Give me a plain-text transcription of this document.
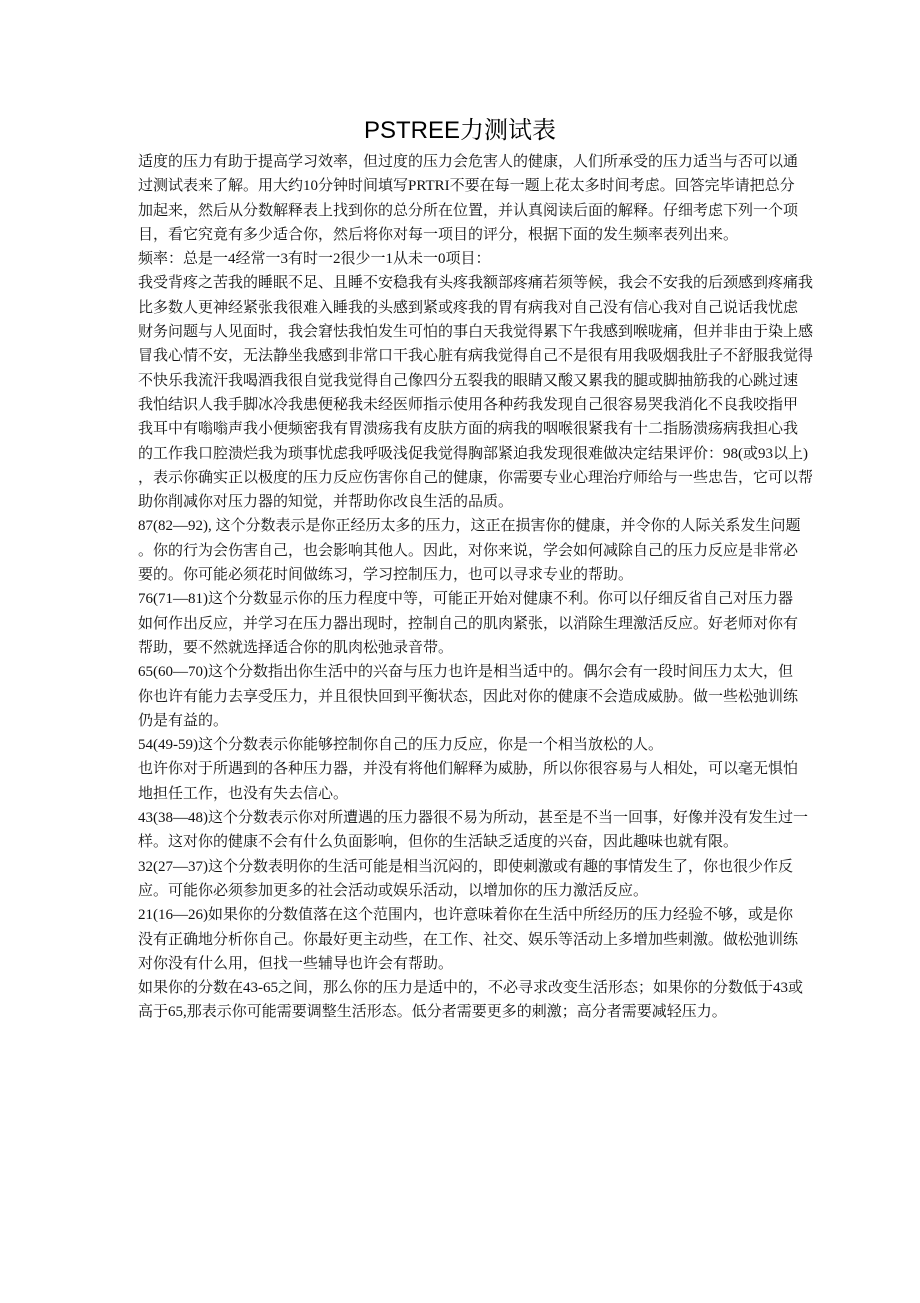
PSTREE力测试表
适度的压力有助于提高学习效率，但过度的压力会危害人的健康，人们所承受的压力适当与否可以通
过测试表来了解。用大约10分钟时间填写PRTRI不要在每一题上花太多时间考虑。回答完毕请把总分
加起来，然后从分数解释表上找到你的总分所在位置，并认真阅读后面的解释。仔细考虑下列一个项
目，看它究竟有多少适合你，然后将你对每一项目的评分，根据下面的发生频率表列出来。
频率：总是一4经常一3有时一2很少一1从未一0项目：
我受背疼之苦我的睡眠不足、且睡不安稳我有头疼我额部疼痛若须等候，我会不安我的后颈感到疼痛我
比多数人更神经紧张我很难入睡我的头感到紧或疼我的胃有病我对自己没有信心我对自己说话我忧虑
财务问题与人见面时，我会窘怯我怕发生可怕的事白天我觉得累下午我感到喉咙痛，但并非由于染上感
冒我心情不安，无法静坐我感到非常口干我心脏有病我觉得自己不是很有用我吸烟我肚子不舒服我觉得
不快乐我流汗我喝酒我很自觉我觉得自己像四分五裂我的眼睛又酸又累我的腿或脚抽筋我的心跳过速
我怕结识人我手脚冰冷我患便秘我未经医师指示使用各种药我发现自己很容易哭我消化不良我咬指甲
我耳中有嗡嗡声我小便频密我有胃溃疡我有皮肤方面的病我的咽喉很紧我有十二指肠溃疡病我担心我
的工作我口腔溃烂我为琐事忧虑我呼吸浅促我觉得胸部紧迫我发现很难做决定结果评价：98(或93以上)
，表示你确实正以极度的压力反应伤害你自己的健康，你需要专业心理治疗师给与一些忠告，它可以帮
助你削减你对压力器的知觉，并帮助你改良生活的品质。
87(82—92), 这个分数表示是你正经历太多的压力，这正在损害你的健康，并令你的人际关系发生问题
。你的行为会伤害自己，也会影响其他人。因此，对你来说，学会如何减除自己的压力反应是非常必
要的。你可能必须花时间做练习，学习控制压力，也可以寻求专业的帮助。
76(71—81)这个分数显示你的压力程度中等，可能正开始对健康不利。你可以仔细反省自己对压力器
如何作出反应，并学习在压力器出现时，控制自己的肌肉紧张，以消除生理激活反应。好老师对你有
帮助，要不然就选择适合你的肌肉松弛录音带。
65(60—70)这个分数指出你生活中的兴奋与压力也许是相当适中的。偶尔会有一段时间压力太大，但
你也许有能力去享受压力，并且很快回到平衡状态，因此对你的健康不会造成威胁。做一些松弛训练
仍是有益的。
54(49-59)这个分数表示你能够控制你自己的压力反应，你是一个相当放松的人。
也许你对于所遇到的各种压力器，并没有将他们解释为威胁，所以你很容易与人相处，可以毫无惧怕
地担任工作，也没有失去信心。
43(38—48)这个分数表示你对所遭遇的压力器很不易为所动，甚至是不当一回事，好像并没有发生过一
样。这对你的健康不会有什么负面影响，但你的生活缺乏适度的兴奋，因此趣味也就有限。
32(27—37)这个分数表明你的生活可能是相当沉闷的，即使刺激或有趣的事情发生了，你也很少作反
应。可能你必须参加更多的社会活动或娱乐活动，以增加你的压力激活反应。
21(16—26)如果你的分数值落在这个范围内，也许意味着你在生活中所经历的压力经验不够，或是你
没有正确地分析你自己。你最好更主动些，在工作、社交、娱乐等活动上多增加些刺激。做松弛训练
对你没有什么用，但找一些辅导也许会有帮助。
如果你的分数在43-65之间，那么你的压力是适中的，不必寻求改变生活形态；如果你的分数低于43或
高于65,那表示你可能需要调整生活形态。低分者需要更多的刺激；高分者需要减轻压力。
